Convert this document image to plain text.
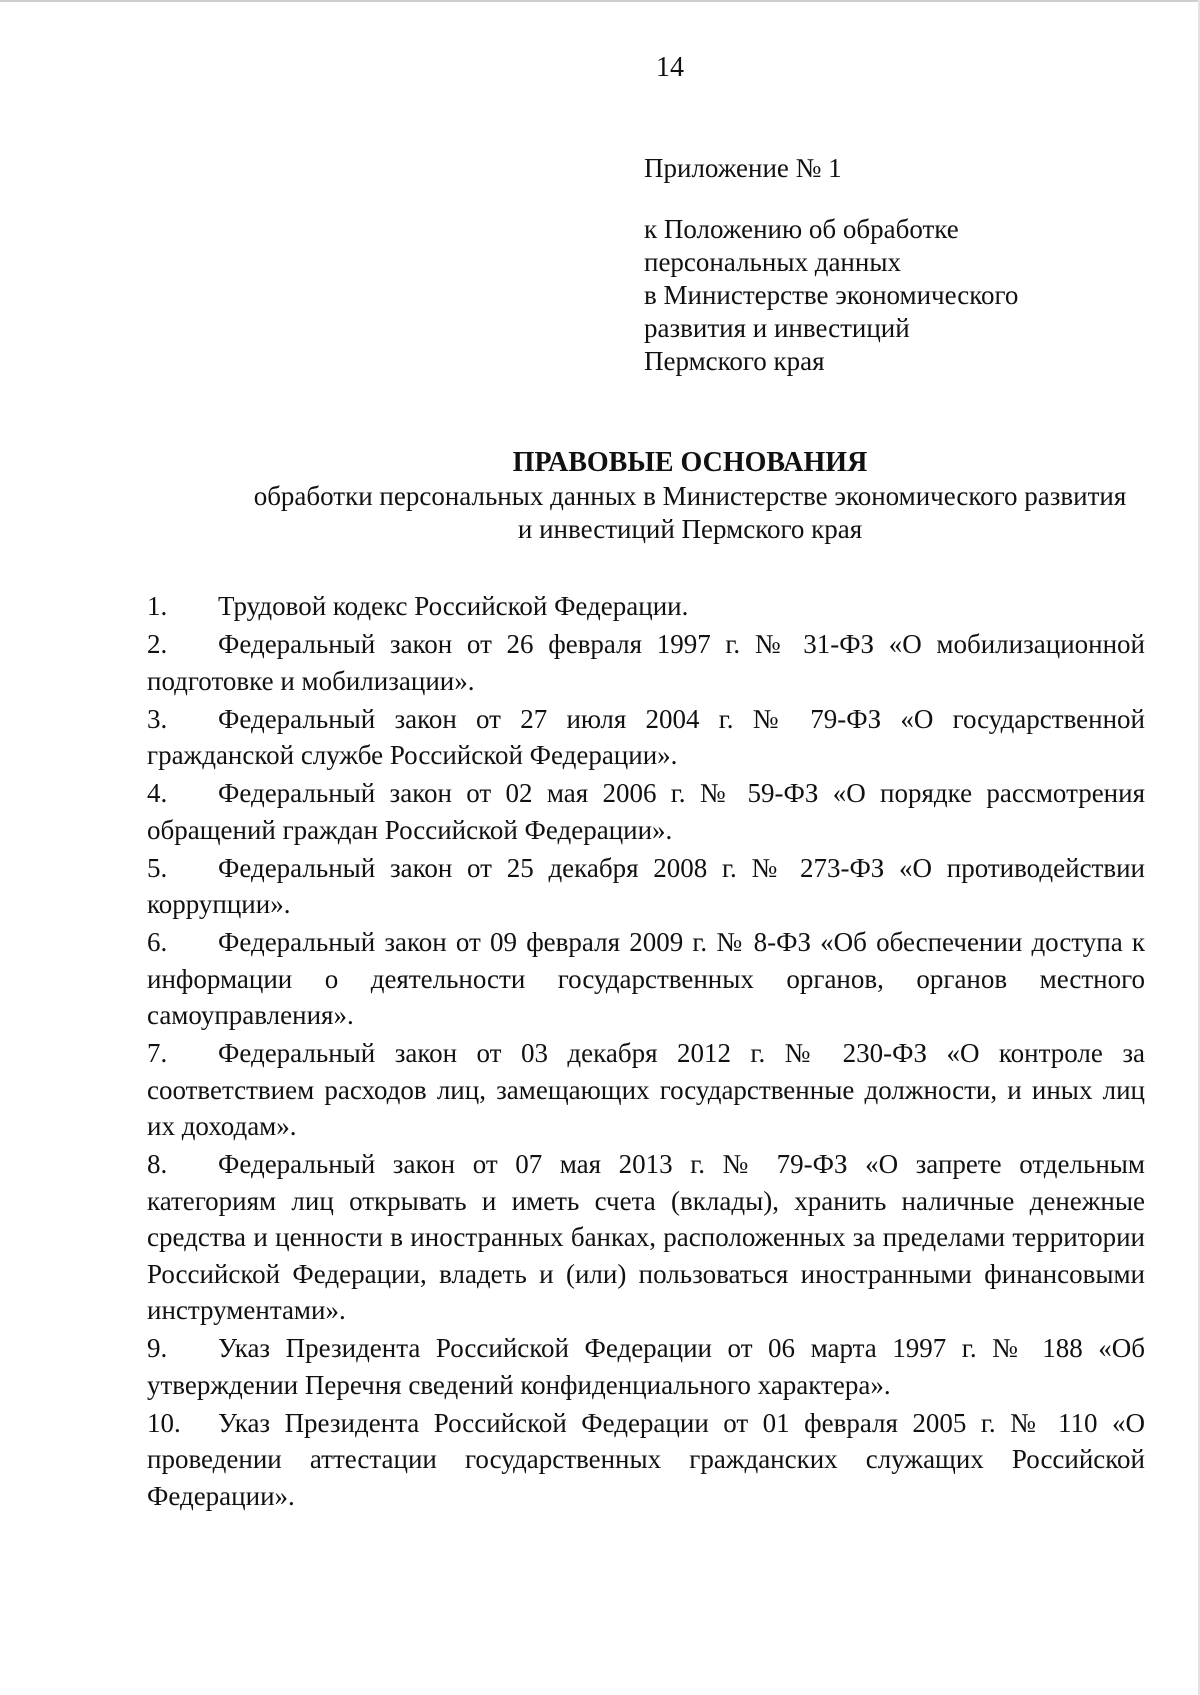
14
Приложение № 1
к Положению об обработке
персональных данных
в Министерстве экономического
развития и инвестиций
Пермского края
ПРАВОВЫЕ ОСНОВАНИЯ
обработки персональных данных в Министерстве экономического развития
и инвестиций Пермского края
1. Трудовой кодекс Российской Федерации.
2. Федеральный закон от 26 февраля 1997 г. № 31-ФЗ «О мобилизационной подготовке и мобилизации».
3. Федеральный закон от 27 июля 2004 г. № 79-ФЗ «О государственной гражданской службе Российской Федерации».
4. Федеральный закон от 02 мая 2006 г. № 59-ФЗ «О порядке рассмотрения обращений граждан Российской Федерации».
5. Федеральный закон от 25 декабря 2008 г. № 273-ФЗ «О противодействии коррупции».
6. Федеральный закон от 09 февраля 2009 г. № 8-ФЗ «Об обеспечении доступа к информации о деятельности государственных органов, органов местного самоуправления».
7. Федеральный закон от 03 декабря 2012 г. № 230-ФЗ «О контроле за соответствием расходов лиц, замещающих государственные должности, и иных лиц их доходам».
8. Федеральный закон от 07 мая 2013 г. № 79-ФЗ «О запрете отдельным категориям лиц открывать и иметь счета (вклады), хранить наличные денежные средства и ценности в иностранных банках, расположенных за пределами территории Российской Федерации, владеть и (или) пользоваться иностранными финансовыми инструментами».
9. Указ Президента Российской Федерации от 06 марта 1997 г. № 188 «Об утверждении Перечня сведений конфиденциального характера».
10. Указ Президента Российской Федерации от 01 февраля 2005 г. № 110 «О проведении аттестации государственных гражданских служащих Российской Федерации».
